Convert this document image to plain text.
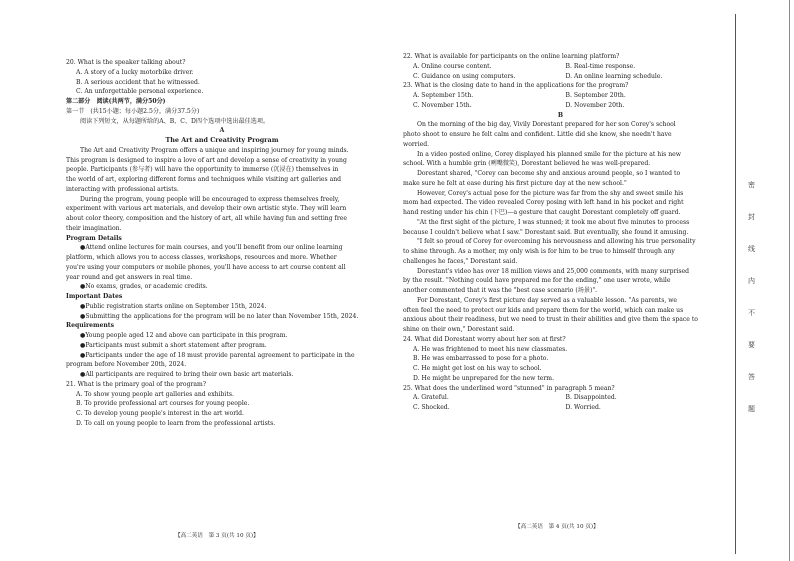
20. What is the speaker talking about?

A. A story of a lucky motorbike driver.

B. A serious accident that he witnessed.

C. An unforgettable personal experience.

第二部分　阅读(共两节，满分50分)

第一节　(共15小题；每小题2.5分，满分37.5分)

阅读下列短文，从每题所给的A、B、C、D四个选项中选出最佳选项。

A

The Art and Creativity Program

The Art and Creativity Program offers a unique and inspiring journey for young minds.

This program is designed to inspire a love of art and develop a sense of creativity in young

people. Participants (参与者) will have the opportunity to immerse (沉浸在) themselves in

the world of art, exploring different forms and techniques while visiting art galleries and

interacting with professional artists.

During the program, young people will be encouraged to express themselves freely,

experiment with various art materials, and develop their own artistic style. They will learn

about color theory, composition and the history of art, all while having fun and setting free

their imagination.

Program Details

●Attend online lectures for main courses, and you'll benefit from our online learning

platform, which allows you to access classes, workshops, resources and more. Whether

you're using your computers or mobile phones, you'll have access to art course content all

year round and get answers in real time.

●No exams, grades, or academic credits.

Important Dates

●Public registration starts online on September 15th, 2024.

●Submitting the applications for the program will be no later than November 15th, 2024.

Requirements

●Young people aged 12 and above can participate in this program.

●Participants must submit a short statement after program.

●Participants under the age of 18 must provide parental agreement to participate in the

program before November 20th, 2024.

●All participants are required to bring their own basic art materials.

21. What is the primary goal of the program?

A. To show young people art galleries and exhibits.

B. To provide professional art courses for young people.

C. To develop young people's interest in the art world.

D. To call on young people to learn from the professional artists.

【高二英语　第 3 页(共 10 页)】

22. What is available for participants on the online learning platform?

A. Online course content.	B. Real-time response.
C. Guidance on using computers.	D. An online learning schedule.

23. What is the closing date to hand in the applications for the program?

A. September 15th.	B. September 20th.
C. November 15th.	D. November 20th.

B

On the morning of the big day, Vivily Dorestant prepared for her son Corey's school

photo shoot to ensure he felt calm and confident. Little did she know, she needn't have

worried.

In a video posted online, Corey displayed his planned smile for the picture at his new

school. With a humble grin (咧嘴微笑), Dorestant believed he was well-prepared.

Dorestant shared, "Corey can become shy and anxious around people, so I wanted to

make sure he felt at ease during his first picture day at the new school."

However, Corey's actual pose for the picture was far from the shy and sweet smile his

mom had expected. The video revealed Corey posing with left hand in his pocket and right

hand resting under his chin (下巴)—a gesture that caught Dorestant completely off guard.

"At the first sight of the picture, I was stunned; it took me about five minutes to process

because I couldn't believe what I saw." Dorestant said. But eventually, she found it amusing.

"I felt so proud of Corey for overcoming his nervousness and allowing his true personality

to shine through. As a mother, my only wish is for him to be true to himself through any

challenges he faces," Dorestant said.

Dorestant's video has over 18 million views and 25,000 comments, with many surprised

by the result. "Nothing could have prepared me for the ending," one user wrote, while

another commented that it was the "best case scenario (场景)".

For Dorestant, Corey's first picture day served as a valuable lesson. "As parents, we

often feel the need to protect our kids and prepare them for the world, which can make us

anxious about their readiness, but we need to trust in their abilities and give them the space to

shine on their own," Dorestant said.

24. What did Dorestant worry about her son at first?

A. He was frightened to meet his new classmates.

B. He was embarrassed to pose for a photo.

C. He might get lost on his way to school.

D. He might be unprepared for the new term.

25. What does the underlined word "stunned" in paragraph 5 mean?

A. Grateful.	B. Disappointed.
C. Shocked.	D. Worried.
【高二英语　第 4 页(共 10 页)】
密
封
线
内
不
要
答
题
